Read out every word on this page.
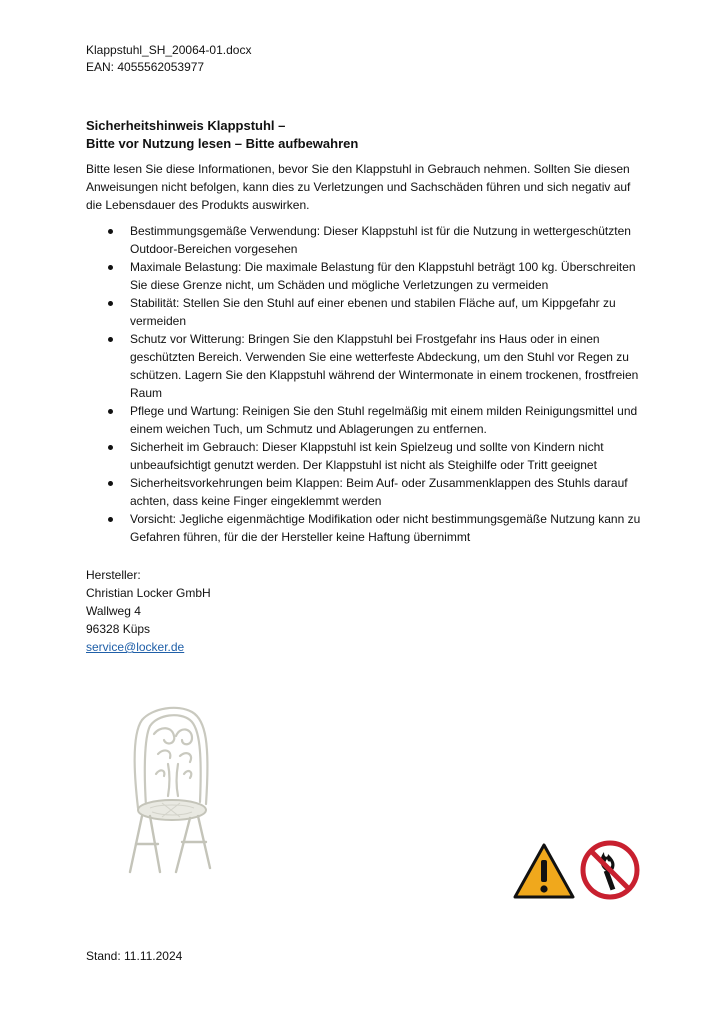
Klappstuhl_SH_20064-01.docx
EAN: 4055562053977
Sicherheitshinweis Klappstuhl –
Bitte vor Nutzung lesen – Bitte aufbewahren
Bitte lesen Sie diese Informationen, bevor Sie den Klappstuhl in Gebrauch nehmen. Sollten Sie diesen Anweisungen nicht befolgen, kann dies zu Verletzungen und Sachschäden führen und sich negativ auf die Lebensdauer des Produkts auswirken.
Bestimmungsgemäße Verwendung: Dieser Klappstuhl ist für die Nutzung in wettergeschützten Outdoor-Bereichen vorgesehen
Maximale Belastung: Die maximale Belastung für den Klappstuhl beträgt 100 kg. Überschreiten Sie diese Grenze nicht, um Schäden und mögliche Verletzungen zu vermeiden
Stabilität: Stellen Sie den Stuhl auf einer ebenen und stabilen Fläche auf, um Kippgefahr zu vermeiden
Schutz vor Witterung: Bringen Sie den Klappstuhl bei Frostgefahr ins Haus oder in einen geschützten Bereich. Verwenden Sie eine wetterfeste Abdeckung, um den Stuhl vor Regen zu schützen. Lagern Sie den Klappstuhl während der Wintermonate in einem trockenen, frostfreien Raum
Pflege und Wartung: Reinigen Sie den Stuhl regelmäßig mit einem milden Reinigungsmittel und einem weichen Tuch, um Schmutz und Ablagerungen zu entfernen.
Sicherheit im Gebrauch: Dieser Klappstuhl ist kein Spielzeug und sollte von Kindern nicht unbeaufsichtigt genutzt werden. Der Klappstuhl ist nicht als Steighilfe oder Tritt geeignet
Sicherheitsvorkehrungen beim Klappen: Beim Auf- oder Zusammenklappen des Stuhls darauf achten, dass keine Finger eingeklemmt werden
Vorsicht: Jegliche eigenmächtige Modifikation oder nicht bestimmungsgemäße Nutzung kann zu Gefahren führen, für die der Hersteller keine Haftung übernimmt
Hersteller:
Christian Locker GmbH
Wallweg 4
96328 Küps
service@locker.de
Stand: 11.11.2024
